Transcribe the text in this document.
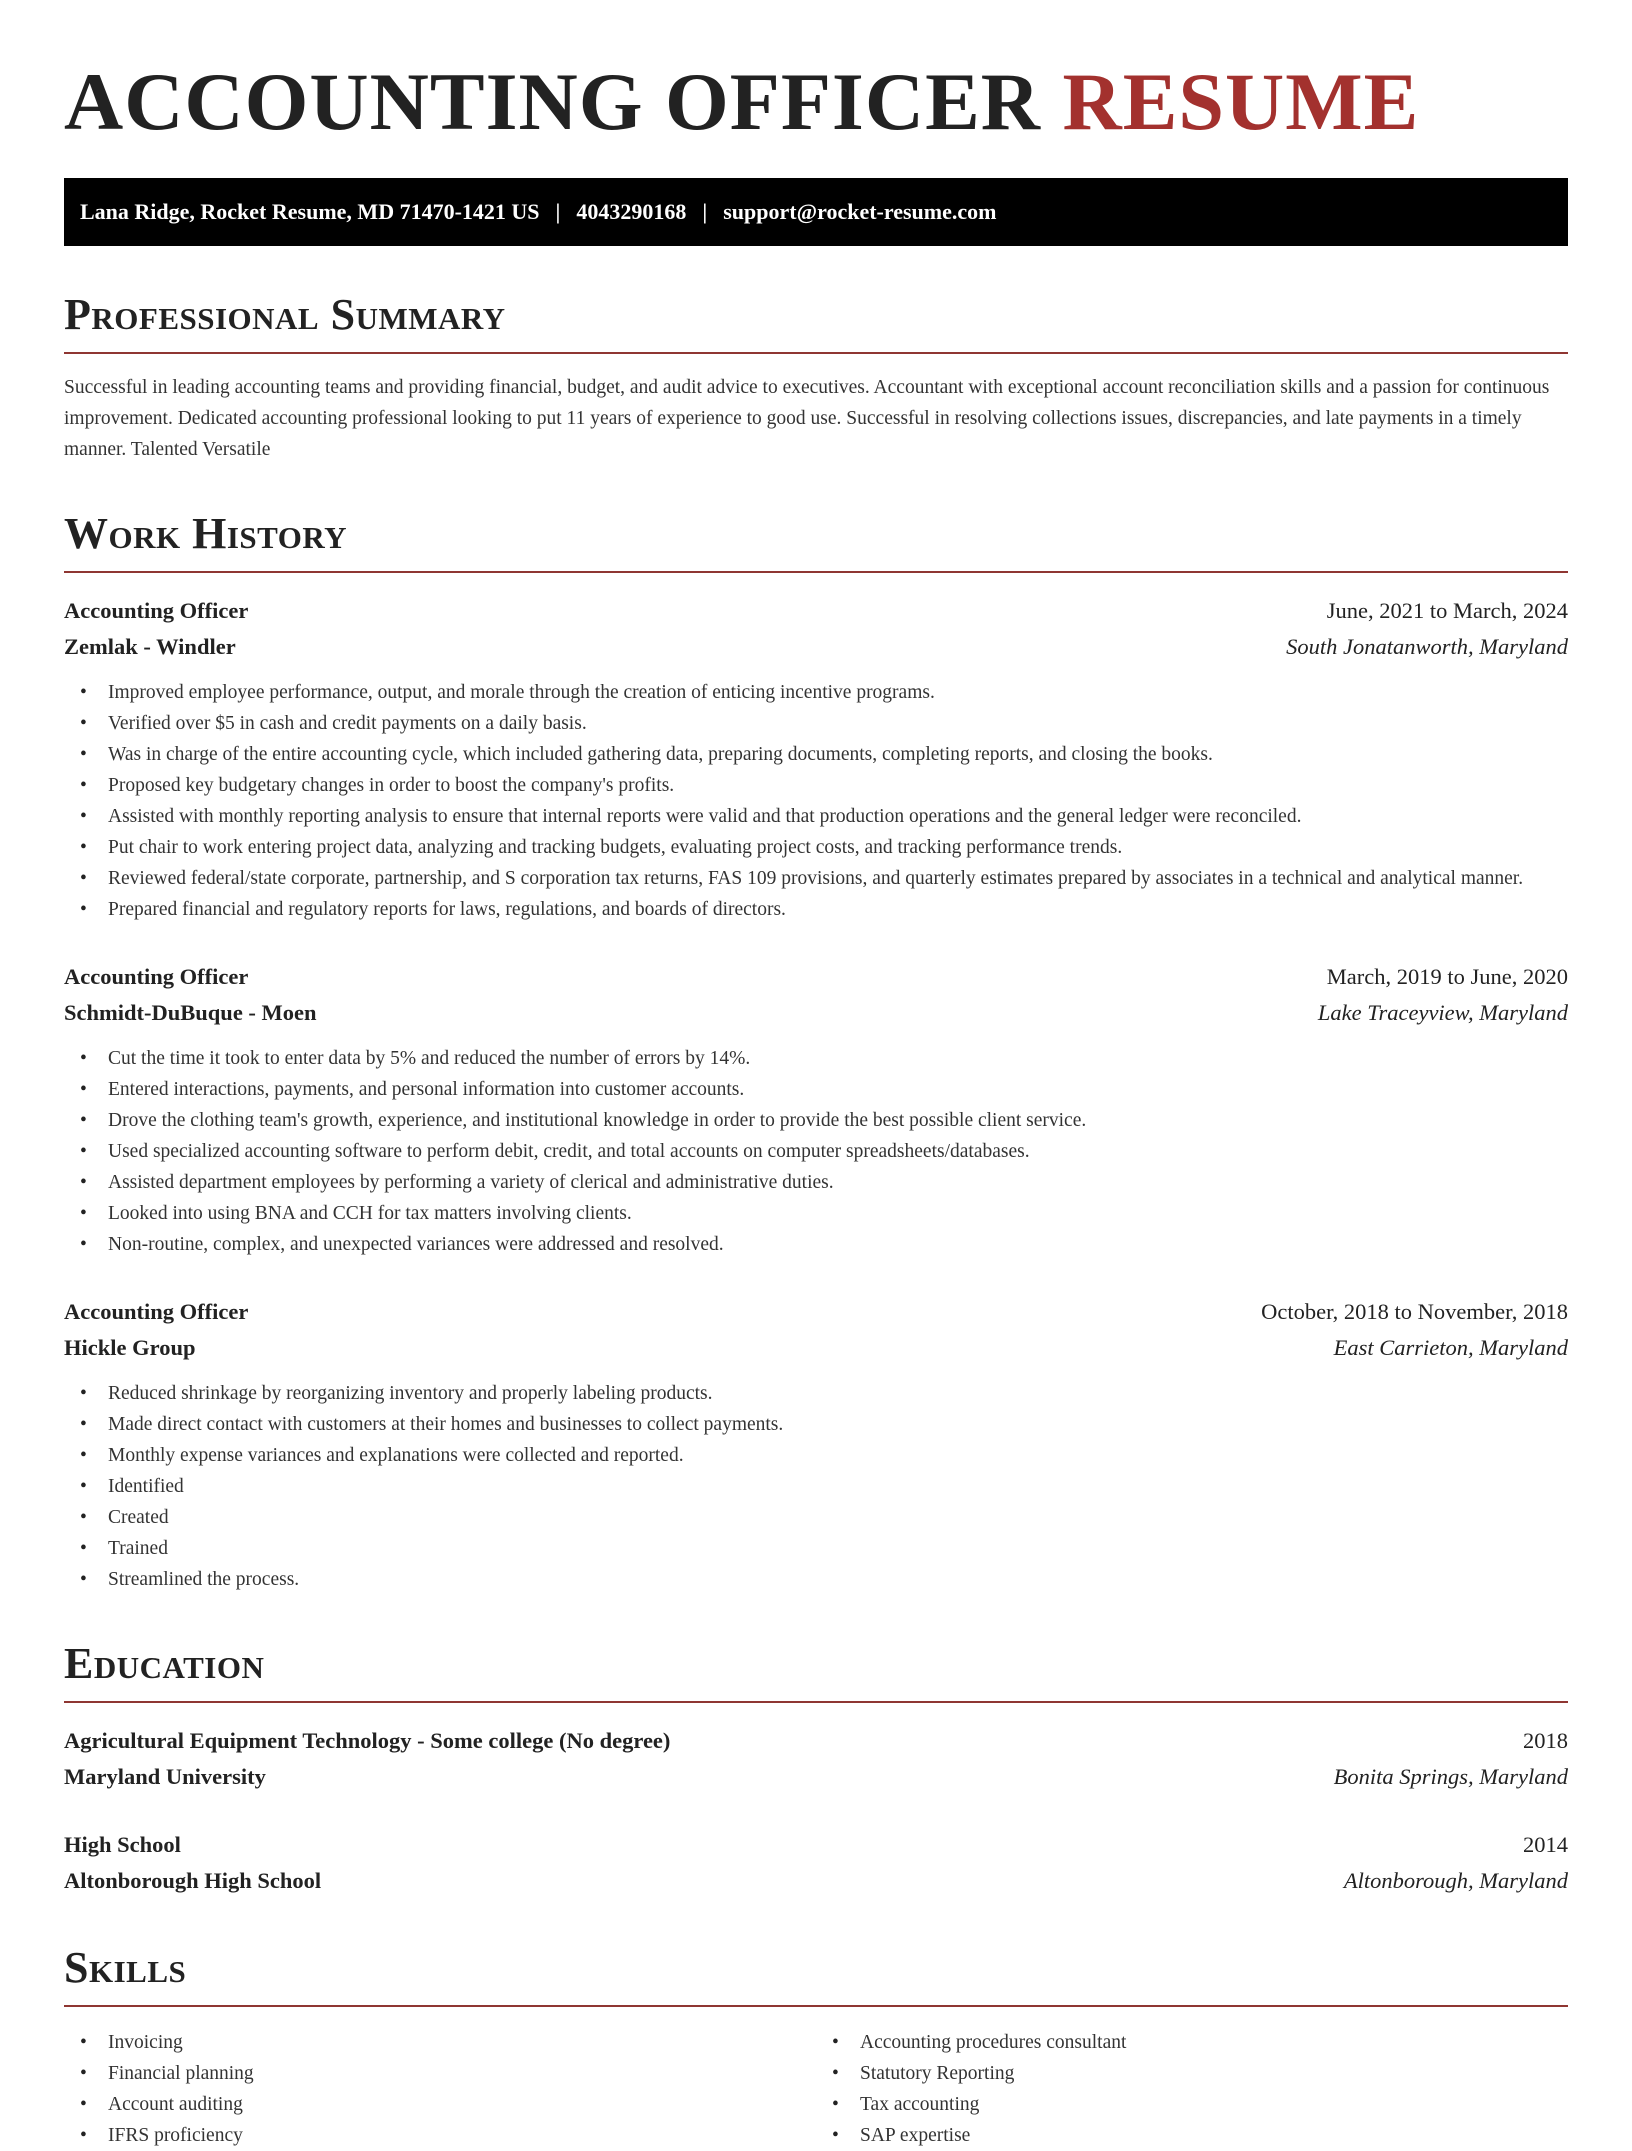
ACCOUNTING OFFICER RESUME
Lana Ridge, Rocket Resume, MD 71470-1421 US | 4043290168 | support@rocket-resume.com
Professional Summary

Successful in leading accounting teams and providing financial, budget, and audit advice to executives. Accountant with exceptional account reconciliation skills and a passion for continuous improvement. Dedicated accounting professional looking to put 11 years of experience to good use. Successful in resolving collections issues, discrepancies, and late payments in a timely manner. Talented Versatile

Work History
Accounting Officer	June, 2021 to March, 2024
Zemlak - Windler	South Jonatanworth, Maryland
• Improved employee performance, output, and morale through the creation of enticing incentive programs.
• Verified over $5 in cash and credit payments on a daily basis.
• Was in charge of the entire accounting cycle, which included gathering data, preparing documents, completing reports, and closing the books.
• Proposed key budgetary changes in order to boost the company's profits.
• Assisted with monthly reporting analysis to ensure that internal reports were valid and that production operations and the general ledger were reconciled.
• Put chair to work entering project data, analyzing and tracking budgets, evaluating project costs, and tracking performance trends.
• Reviewed federal/state corporate, partnership, and S corporation tax returns, FAS 109 provisions, and quarterly estimates prepared by associates in a technical and analytical manner.
• Prepared financial and regulatory reports for laws, regulations, and boards of directors.
Accounting Officer	March, 2019 to June, 2020
Schmidt-DuBuque - Moen	Lake Traceyview, Maryland
• Cut the time it took to enter data by 5% and reduced the number of errors by 14%.
• Entered interactions, payments, and personal information into customer accounts.
• Drove the clothing team's growth, experience, and institutional knowledge in order to provide the best possible client service.
• Used specialized accounting software to perform debit, credit, and total accounts on computer spreadsheets/databases.
• Assisted department employees by performing a variety of clerical and administrative duties.
• Looked into using BNA and CCH for tax matters involving clients.
• Non-routine, complex, and unexpected variances were addressed and resolved.
Accounting Officer	October, 2018 to November, 2018
Hickle Group	East Carrieton, Maryland
• Reduced shrinkage by reorganizing inventory and properly labeling products.
• Made direct contact with customers at their homes and businesses to collect payments.
• Monthly expense variances and explanations were collected and reported.
• Identified
• Created
• Trained
• Streamlined the process.
Education
Agricultural Equipment Technology - Some college (No degree)	2018
Maryland University	Bonita Springs, Maryland
High School	2014
Altonborough High School	Altonborough, Maryland
Skills
• Invoicing
• Financial planning
• Account auditing
• IFRS proficiency
• Accounting procedures consultant
• Statutory Reporting
• Tax accounting
• SAP expertise
